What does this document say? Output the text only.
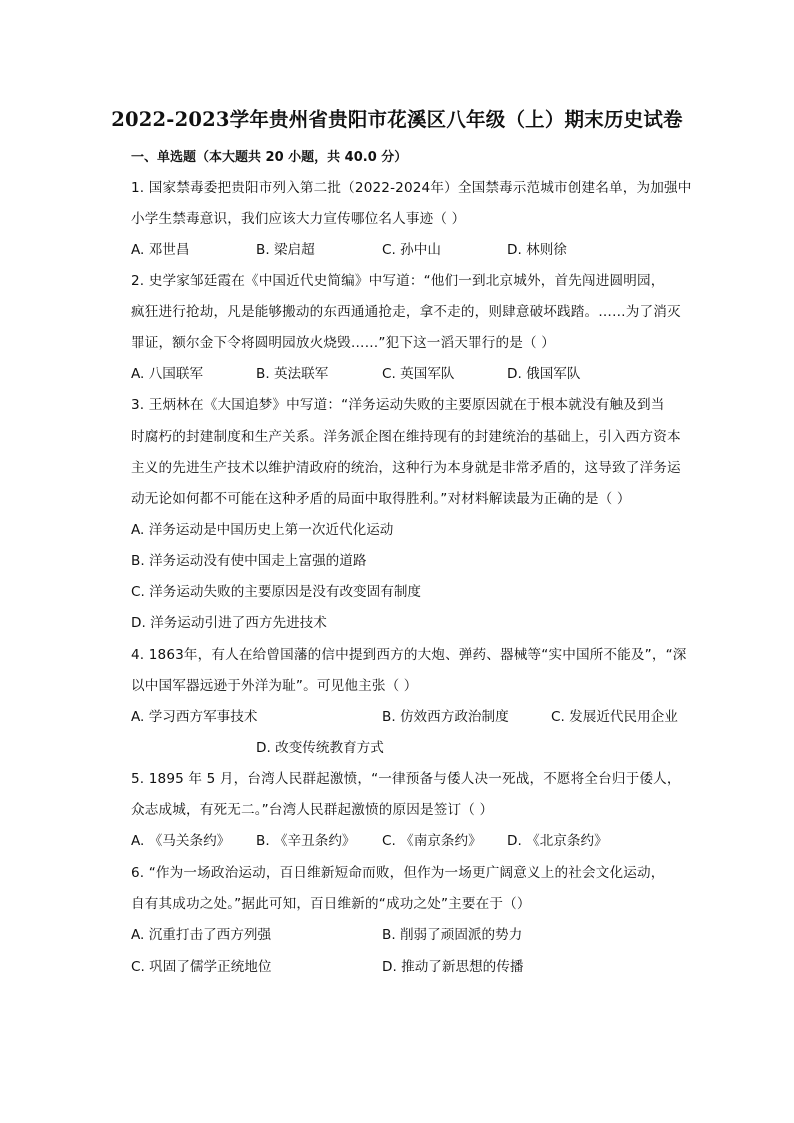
2022-2023学年贵州省贵阳市花溪区八年级（上）期末历史试卷
一、单选题（本大题共 20 小题，共 40.0 分）
1. 国家禁毒委把贵阳市列入第二批（2022-2024年）全国禁毒示范城市创建名单，为加强中
小学生禁毒意识，我们应该大力宣传哪位名人事迹（ ）
A. 邓世昌	B. 梁启超	C. 孙中山	D. 林则徐
2. 史学家邹廷霞在《中国近代史简编》中写道：“他们一到北京城外，首先闯进圆明园，
疯狂进行抢劫，凡是能够搬动的东西通通抢走，拿不走的，则肆意破坏践踏。……为了消灭
罪证，额尔金下令将圆明园放火烧毁……”犯下这一滔天罪行的是（ ）
A. 八国联军	B. 英法联军	C. 英国军队	D. 俄国军队
3. 王炳林在《大国追梦》中写道：“洋务运动失败的主要原因就在于根本就没有触及到当
时腐朽的封建制度和生产关系。洋务派企图在维持现有的封建统治的基础上，引入西方资本
主义的先进生产技术以维护清政府的统治，这种行为本身就是非常矛盾的，这导致了洋务运
动无论如何都不可能在这种矛盾的局面中取得胜利。”对材料解读最为正确的是（ ）
A. 洋务运动是中国历史上第一次近代化运动
B. 洋务运动没有使中国走上富强的道路
C. 洋务运动失败的主要原因是没有改变固有制度
D. 洋务运动引进了西方先进技术
4. 1863年，有人在给曾国藩的信中提到西方的大炮、弹药、器械等“实中国所不能及”，“深
以中国军器远逊于外洋为耻”。可见他主张（ ）
A. 学习西方军事技术	B. 仿效西方政治制度	C. 发展近代民用企业
D. 改变传统教育方式
5. 1895 年 5 月，台湾人民群起激愤，“一律预备与倭人决一死战，不愿将全台归于倭人，
众志成城，有死无二。”台湾人民群起激愤的原因是签订（ ）
A. 《马关条约》 B. 《辛丑条约》 C. 《南京条约》 D. 《北京条约》
6. “作为一场政治运动，百日维新短命而败，但作为一场更广阔意义上的社会文化运动，
自有其成功之处。”据此可知，百日维新的“成功之处”主要在于（）
A. 沉重打击了西方列强	B. 削弱了顽固派的势力
C. 巩固了儒学正统地位	D. 推动了新思想的传播
